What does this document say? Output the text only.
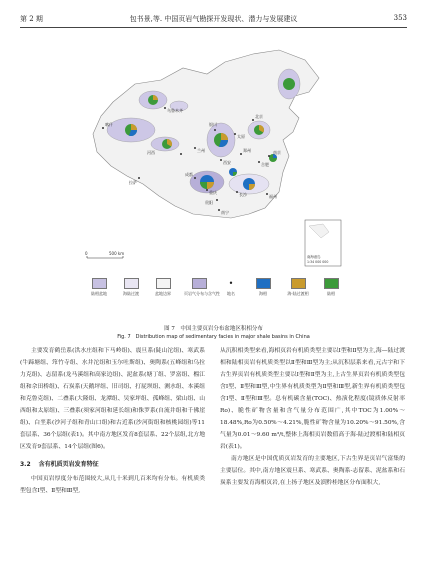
第 2 期	包书景,等. 中国页岩气勘探开发现状、潜力与发展建议	353
喀什
河西
乌鲁木齐
兰州
银川
太原
北京
西安
郑州
合肥
南京
成都
重庆	长沙
贵阳
福州
南宁
拉萨
0	500 km
南海诸岛
1:34 000 000
陆相盆地	海陆过渡	盆地边界	页岩气分布与含气性
•
地名	海相	海-陆过渡相	陆相
图 7　中国主要页岩分布盆地区积相分布
Fig. 7　Distribution map of sedimentary facies in major shale basins in China

主要发育鹤岳系(洪水庄组和下马岭组)、震旦系(陡山沱组)、寒武系(牛蹄塘组、筇竹寺组、水井沱组和玉尔吐斯组)、奥陶系(五峰组和乌拉力克组)、志留系(龙马溪组和高家边组)、泥盆系(塘丁组、罗富组、榴江组和佘田桥组)、石炭系(天鹅坪组、旧司组、打屁坝组、测水组、本溪组和克鲁克组)、二叠系(大隆组、龙潭组、吴家坪组、孤峰组、梁山组、山西组和太原组)、三叠系(须家河组和延长组)和侏罗系(自流井组和千佛崖组)、白垩系(沙河子组和青山口组)和古近系(沙河街组和核桃园组)等11套层系、36个层组(表1)。其中南方地区发育8套层系、22个层组,北方地区发育9套层系、14个层组(图6)。

3.2 含有机质页岩发育特征

中国页岩厚度分布范围较大,从几十米到几百米均有分布。有机质类型包含Ⅰ型、Ⅱ型和Ⅲ型,

从沉积相类型来看,海相页岩有机质类型主要以Ⅰ型和Ⅱ型为主,海—陆过渡相和陆相页岩有机质类型以Ⅱ型和Ⅲ型为主;从沉积层系来看,元古宇和下古生界页岩有机质类型主要以Ⅰ型和Ⅱ型为主,上古生界页岩有机质类型包含Ⅰ型、Ⅱ型和Ⅲ型,中生界有机质类型为Ⅱ型和Ⅲ型,新生界有机质类型包含Ⅰ型、Ⅱ型和Ⅲ型。总有机碳含量(TOC)、热演化程度(镜质体反射率Ro)、脆性矿物含量和含气量分布范围广,其中TOC为1.00%～18.48%,Ro为0.50%～4.21%,脆性矿物含量为10.20%～91.50%,含气量为0.01～9.60 m³/t,整体上海相页岩数值高于海-陆过渡相和陆相页岩(表1)。

南方地区是中国优质页岩发育的主要地区,下古生界是页岩气富集的主要层位。其中,南方地区震旦系、寒武系、奥陶系-志留系、泥盆系和石炭系主要发育海相页岩,在上扬子地区及滇黔桂地区分布面积大,
